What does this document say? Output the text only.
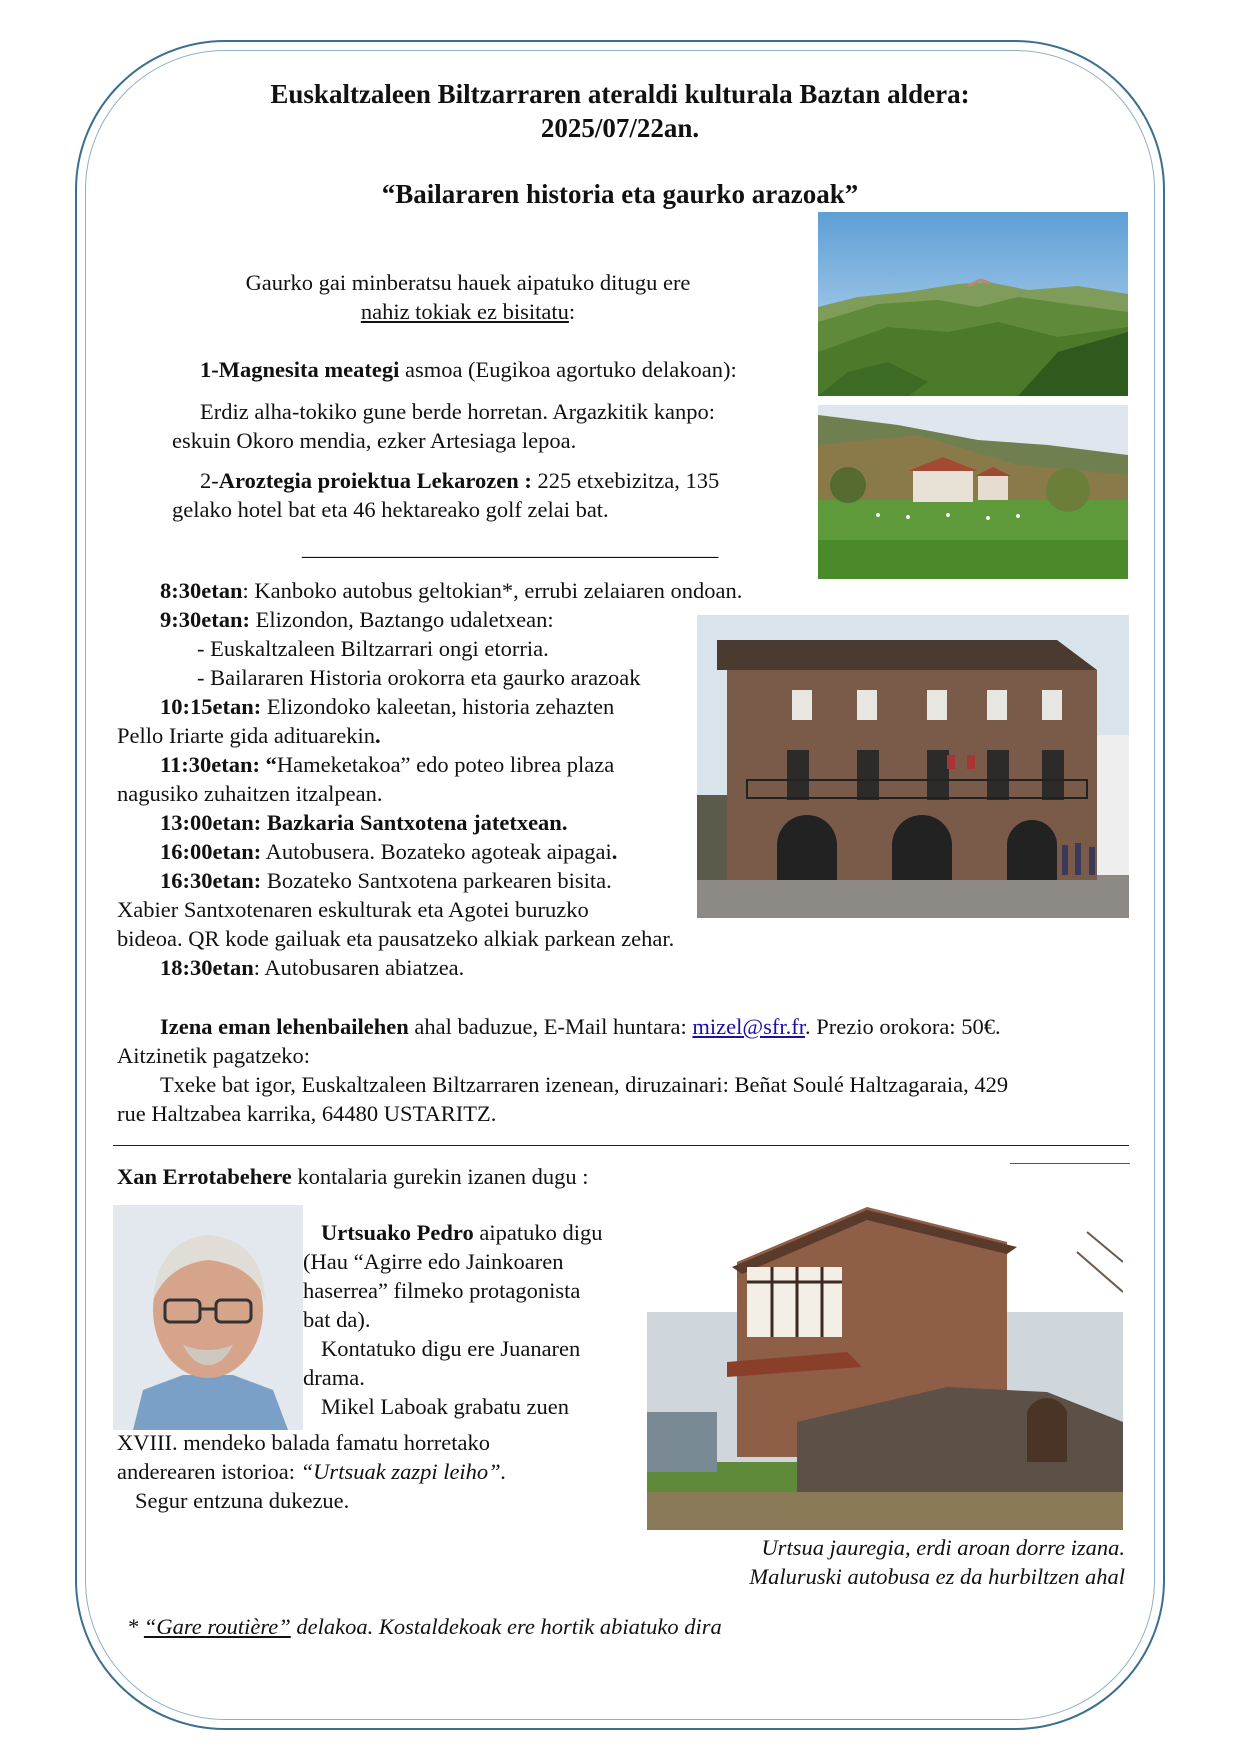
Euskaltzaleen Biltzarraren ateraldi kulturala Baztan aldera:
2025/07/22an.
“Bailararen historia eta gaurko arazoak”
Gaurko gai minberatsu hauek aipatuko ditugu ere
nahiz tokiak ez bisitatu:
1-Magnesita meategi asmoa (Eugikoa agortuko delakoan):
Erdiz alha-tokiko gune berde horretan. Argazkitik kanpo:
eskuin Okoro mendia, ezker Artesiaga lepoa.
2-Aroztegia proiektua Lekarozen : 225 etxebizitza, 135
gelako hotel bat eta 46 hektareako golf zelai bat.
_____________________________________
8:30etan: Kanboko autobus geltokian*, errubi zelaiaren ondoan.
9:30etan: Elizondon, Baztango udaletxean:
- Euskaltzaleen Biltzarrari ongi etorria.
- Bailararen Historia orokorra eta gaurko arazoak
10:15etan: Elizondoko kaleetan, historia zehazten
Pello Iriarte gida adituarekin.
11:30etan: “Hameketakoa” edo poteo librea plaza
nagusiko zuhaitzen itzalpean.
13:00etan: Bazkaria Santxotena jatetxean.
16:00etan: Autobusera. Bozateko agoteak aipagai.
16:30etan: Bozateko Santxotena parkearen bisita.
Xabier Santxotenaren eskulturak eta Agotei buruzko
bideoa. QR kode gailuak eta pausatzeko alkiak parkean zehar.
18:30etan: Autobusaren abiatzea.
Izena eman lehenbailehen ahal baduzue, E-Mail huntara: mizel@sfr.fr. Prezio orokora: 50€.
Aitzinetik pagatzeko:
Txeke bat igor, Euskaltzaleen Biltzarraren izenean, diruzainari: Beñat Soulé Haltzagaraia, 429
rue Haltzabea karrika, 64480 USTARITZ.
Xan Errotabehere kontalaria gurekin izanen dugu :
Urtsuako Pedro aipatuko digu
(Hau “Agirre edo Jainkoaren
haserrea” filmeko protagonista
bat da).
Kontatuko digu ere Juanaren
drama.
Mikel Laboak grabatu zuen
XVIII. mendeko balada famatu horretako
anderearen istorioa: “Urtsuak zazpi leiho”.
Segur entzuna dukezue.
Urtsua jauregia, erdi aroan dorre izana.
Maluruski autobusa ez da hurbiltzen ahal
* “Gare routière” delakoa. Kostaldekoak ere hortik abiatuko dira
